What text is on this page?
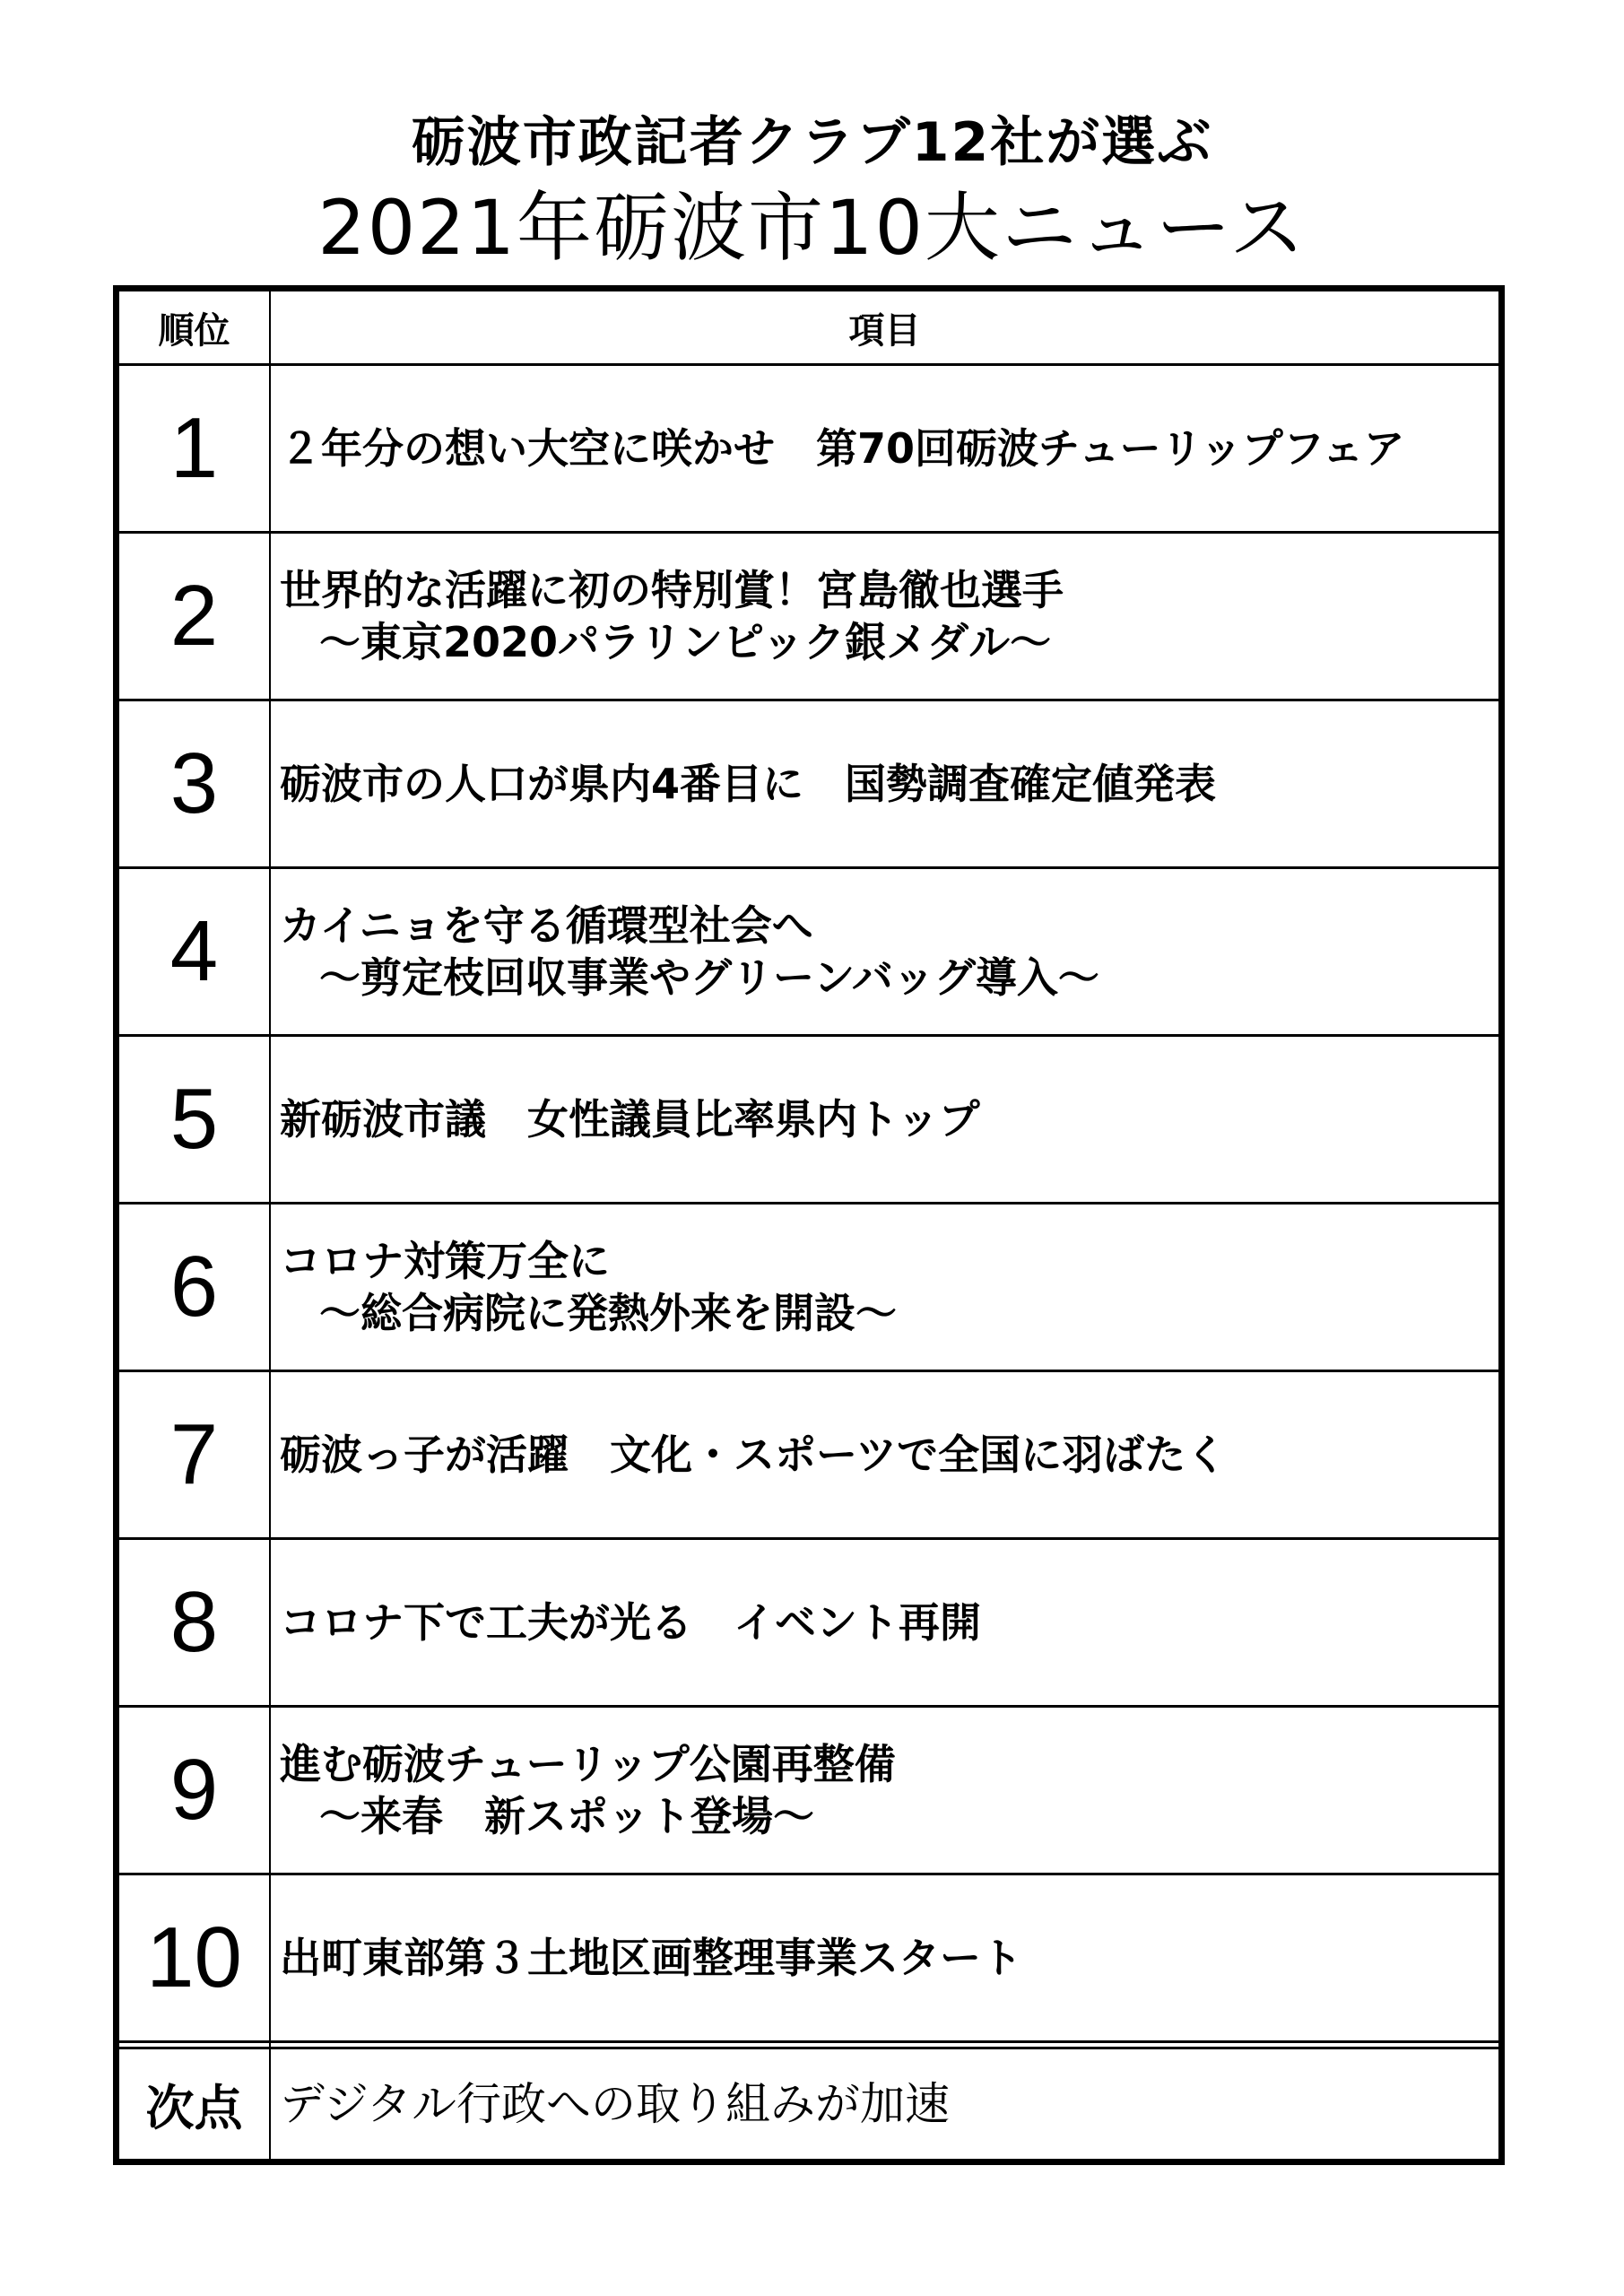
砺波市政記者クラブ12社が選ぶ
2021年砺波市10大ニュース
順位	項目
1	２年分の想い大空に咲かせ　第70回砺波チューリップフェア
2	世界的な活躍に初の特別賞！宮島徹也選手
～東京2020パラリンピック銀メダル～
3	砺波市の人口が県内4番目に　国勢調査確定値発表
4	カイニョを守る循環型社会へ
～剪定枝回収事業やグリーンバッグ導入～
5	新砺波市議　女性議員比率県内トップ
6	コロナ対策万全に
～総合病院に発熱外来を開設～
7	砺波っ子が活躍　文化・スポーツで全国に羽ばたく
8	コロナ下で工夫が光る　イベント再開
9	進む砺波チューリップ公園再整備
～来春　新スポット登場～
10 出町東部第３土地区画整理事業スタート
次点 デジタル行政への取り組みが加速
